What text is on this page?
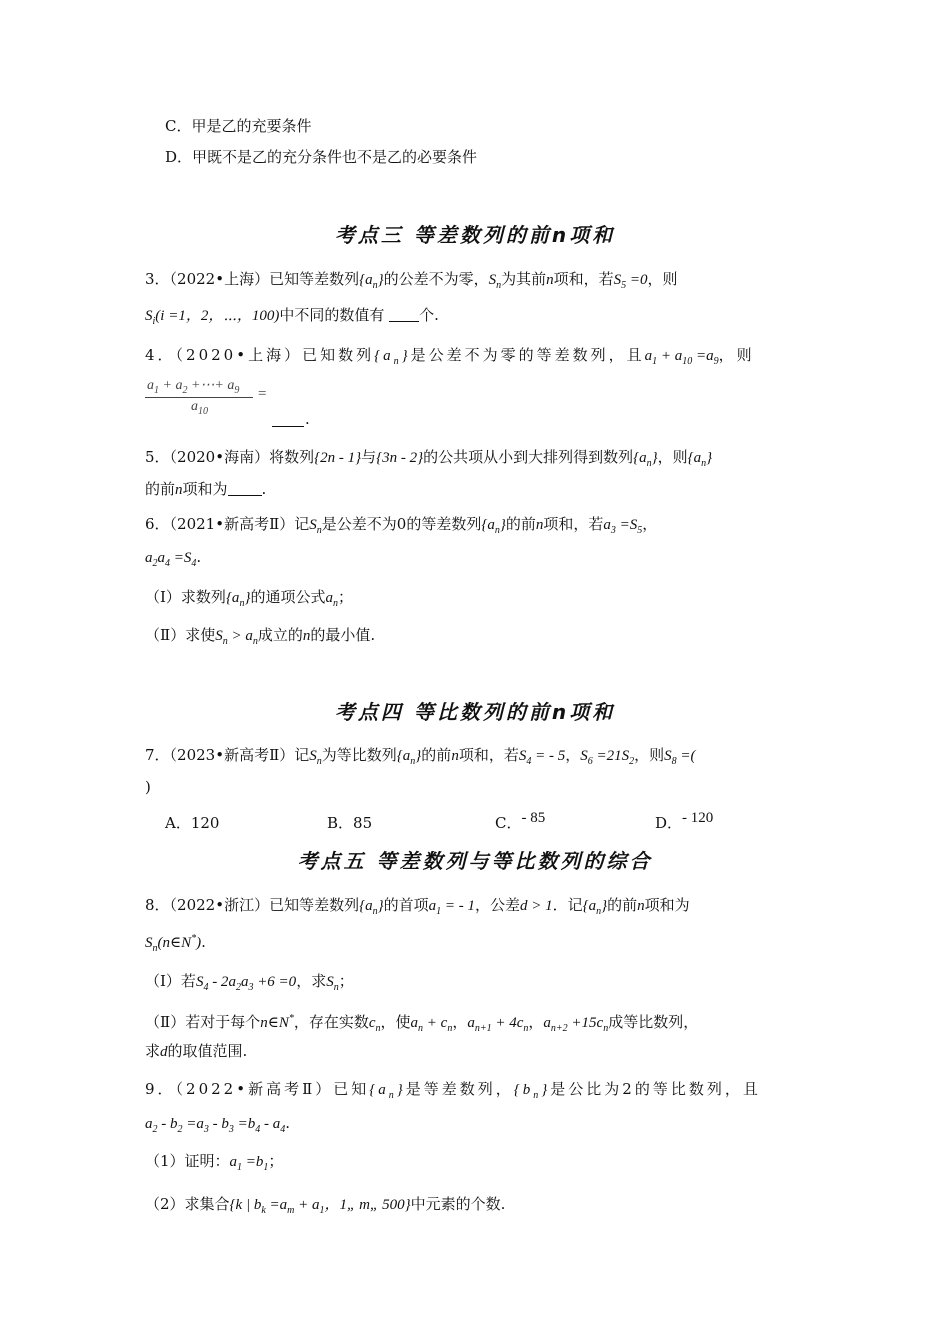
C．甲是乙的充要条件
D．甲既不是乙的充分条件也不是乙的必要条件
考点三 等差数列的前n项和
3．（2022•上海）已知等差数列$\{a_n\}$的公差不为零，$S_n$为其前n项和，若$S_5 =0$，则
$S_i(i =1$，2，⋯，100)中不同的数值有 个.
4．（2020•上海）已知数列$\{a_n\}$是公差不为零的等差数列，且$a_1 + a_{10} =a_9$，则
$a_1 + a_2$ +⋯+ $a_9$
$a_{10}$
=
.
5．（2020•海南）将数列{2n - 1}与{3n - 2}的公共项从小到大排列得到数列$\{a_n\}$，则$\{a_n\}$
的前n项和为 .
6．（2021•新高考Ⅱ）记$S_n$是公差不为0的等差数列$\{a_n\}$的前n项和，若$a_3 =S_5$，
$a_2a_4 =S_4$.
（Ⅰ）求数列$\{a_n\}$的通项公式$a_n$；
（Ⅱ）求使$S_n > a_n$成立的n的最小值.
考点四 等比数列的前n项和
7．（2023•新高考Ⅱ）记$S_n$为等比数列$\{a_n\}$的前n项和，若$S_4$ = - 5，$S_6 =21S_2$，则$S_8$ =(
)
A．120	B．85	C．- 85	D．- 120
考点五 等差数列与等比数列的综合
8．（2022•浙江）已知等差数列$\{a_n\}$的首项$a_1$ = - 1，公差d > 1．记$\{a_n\}$的前n项和为
$S_n(n\in N^*)$.
（Ⅰ）若$S_4 - 2a_2a_3 +6 =0$，求$S_n$；
（Ⅱ）若对于每个n∈N*，存在实数$c_n$，使$a_n + c_n$，$a_{n+1} + 4c_n$，$a_{n+2} +15c_n$成等比数列，
求d的取值范围.
9．（2022•新高考Ⅱ）已知$\{a_n\}$是等差数列，$\{b_n\}$是公比为2的等比数列，且
$a_2 - b_2 =a_3 - b_3 =b_4 - a_4$.
（1）证明：$a_1 =b_1$；
（2）求集合{k | $b_k =a_m + a_1$，1„ m„ 500}中元素的个数.
